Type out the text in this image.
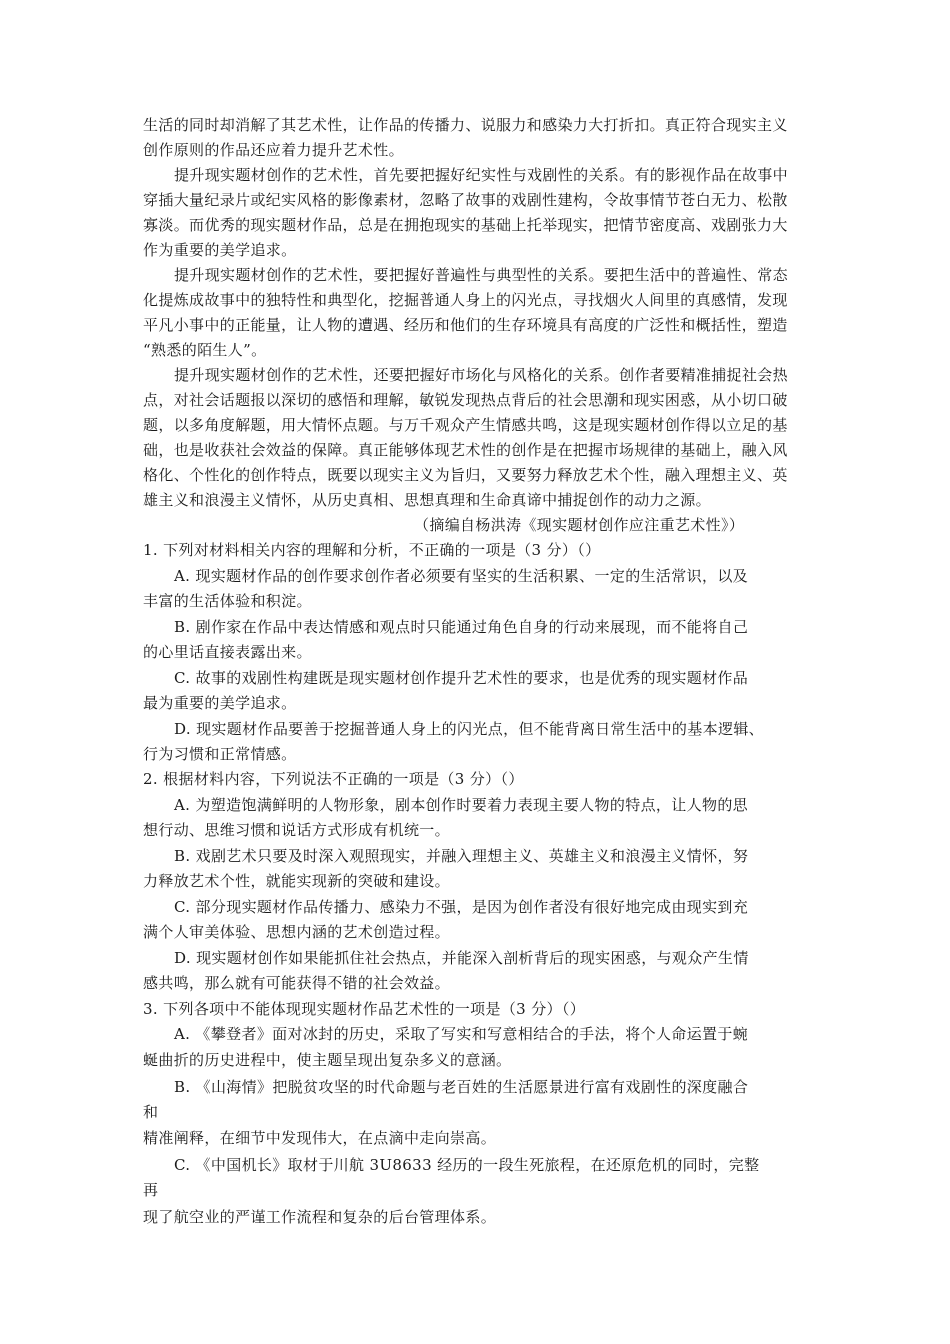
生活的同时却消解了其艺术性，让作品的传播力、说服力和感染力大打折扣。真正符合现实主义
创作原则的作品还应着力提升艺术性。
提升现实题材创作的艺术性，首先要把握好纪实性与戏剧性的关系。有的影视作品在故事中
穿插大量纪录片或纪实风格的影像素材，忽略了故事的戏剧性建构，令故事情节苍白无力、松散
寡淡。而优秀的现实题材作品，总是在拥抱现实的基础上托举现实，把情节密度高、戏剧张力大
作为重要的美学追求。
提升现实题材创作的艺术性，要把握好普遍性与典型性的关系。要把生活中的普遍性、常态
化提炼成故事中的独特性和典型化，挖掘普通人身上的闪光点，寻找烟火人间里的真感情，发现
平凡小事中的正能量，让人物的遭遇、经历和他们的生存环境具有高度的广泛性和概括性，塑造
“熟悉的陌生人”。
提升现实题材创作的艺术性，还要把握好市场化与风格化的关系。创作者要精准捕捉社会热
点，对社会话题报以深切的感悟和理解，敏锐发现热点背后的社会思潮和现实困惑，从小切口破
题，以多角度解题，用大情怀点题。与万千观众产生情感共鸣，这是现实题材创作得以立足的基
础，也是收获社会效益的保障。真正能够体现艺术性的创作是在把握市场规律的基础上，融入风
格化、个性化的创作特点，既要以现实主义为旨归，又要努力释放艺术个性，融入理想主义、英
雄主义和浪漫主义情怀，从历史真相、思想真理和生命真谛中捕捉创作的动力之源。
（摘编自杨洪涛《现实题材创作应注重艺术性》）
1. 下列对材料相关内容的理解和分析，不正确的一项是（3 分）（）
A. 现实题材作品的创作要求创作者必须要有坚实的生活积累、一定的生活常识，以及
丰富的生活体验和积淀。
B. 剧作家在作品中表达情感和观点时只能通过角色自身的行动来展现，而不能将自己
的心里话直接表露出来。
C. 故事的戏剧性构建既是现实题材创作提升艺术性的要求，也是优秀的现实题材作品
最为重要的美学追求。
D. 现实题材作品要善于挖掘普通人身上的闪光点，但不能背离日常生活中的基本逻辑、
行为习惯和正常情感。
2. 根据材料内容，下列说法不正确的一项是（3 分）（）
A. 为塑造饱满鲜明的人物形象，剧本创作时要着力表现主要人物的特点，让人物的思
想行动、思维习惯和说话方式形成有机统一。
B. 戏剧艺术只要及时深入观照现实，并融入理想主义、英雄主义和浪漫主义情怀，努
力释放艺术个性，就能实现新的突破和建设。
C. 部分现实题材作品传播力、感染力不强，是因为创作者没有很好地完成由现实到充
满个人审美体验、思想内涵的艺术创造过程。
D. 现实题材创作如果能抓住社会热点，并能深入剖析背后的现实困惑，与观众产生情
感共鸣，那么就有可能获得不错的社会效益。
3. 下列各项中不能体现现实题材作品艺术性的一项是（3 分）（）
A. 《攀登者》面对冰封的历史，采取了写实和写意相结合的手法，将个人命运置于蜿
蜒曲折的历史进程中，使主题呈现出复杂多义的意涵。
B. 《山海情》把脱贫攻坚的时代命题与老百姓的生活愿景进行富有戏剧性的深度融合
和
精准阐释，在细节中发现伟大，在点滴中走向崇高。
C. 《中国机长》取材于川航 3U8633 经历的一段生死旅程，在还原危机的同时，完整
再
现了航空业的严谨工作流程和复杂的后台管理体系。
